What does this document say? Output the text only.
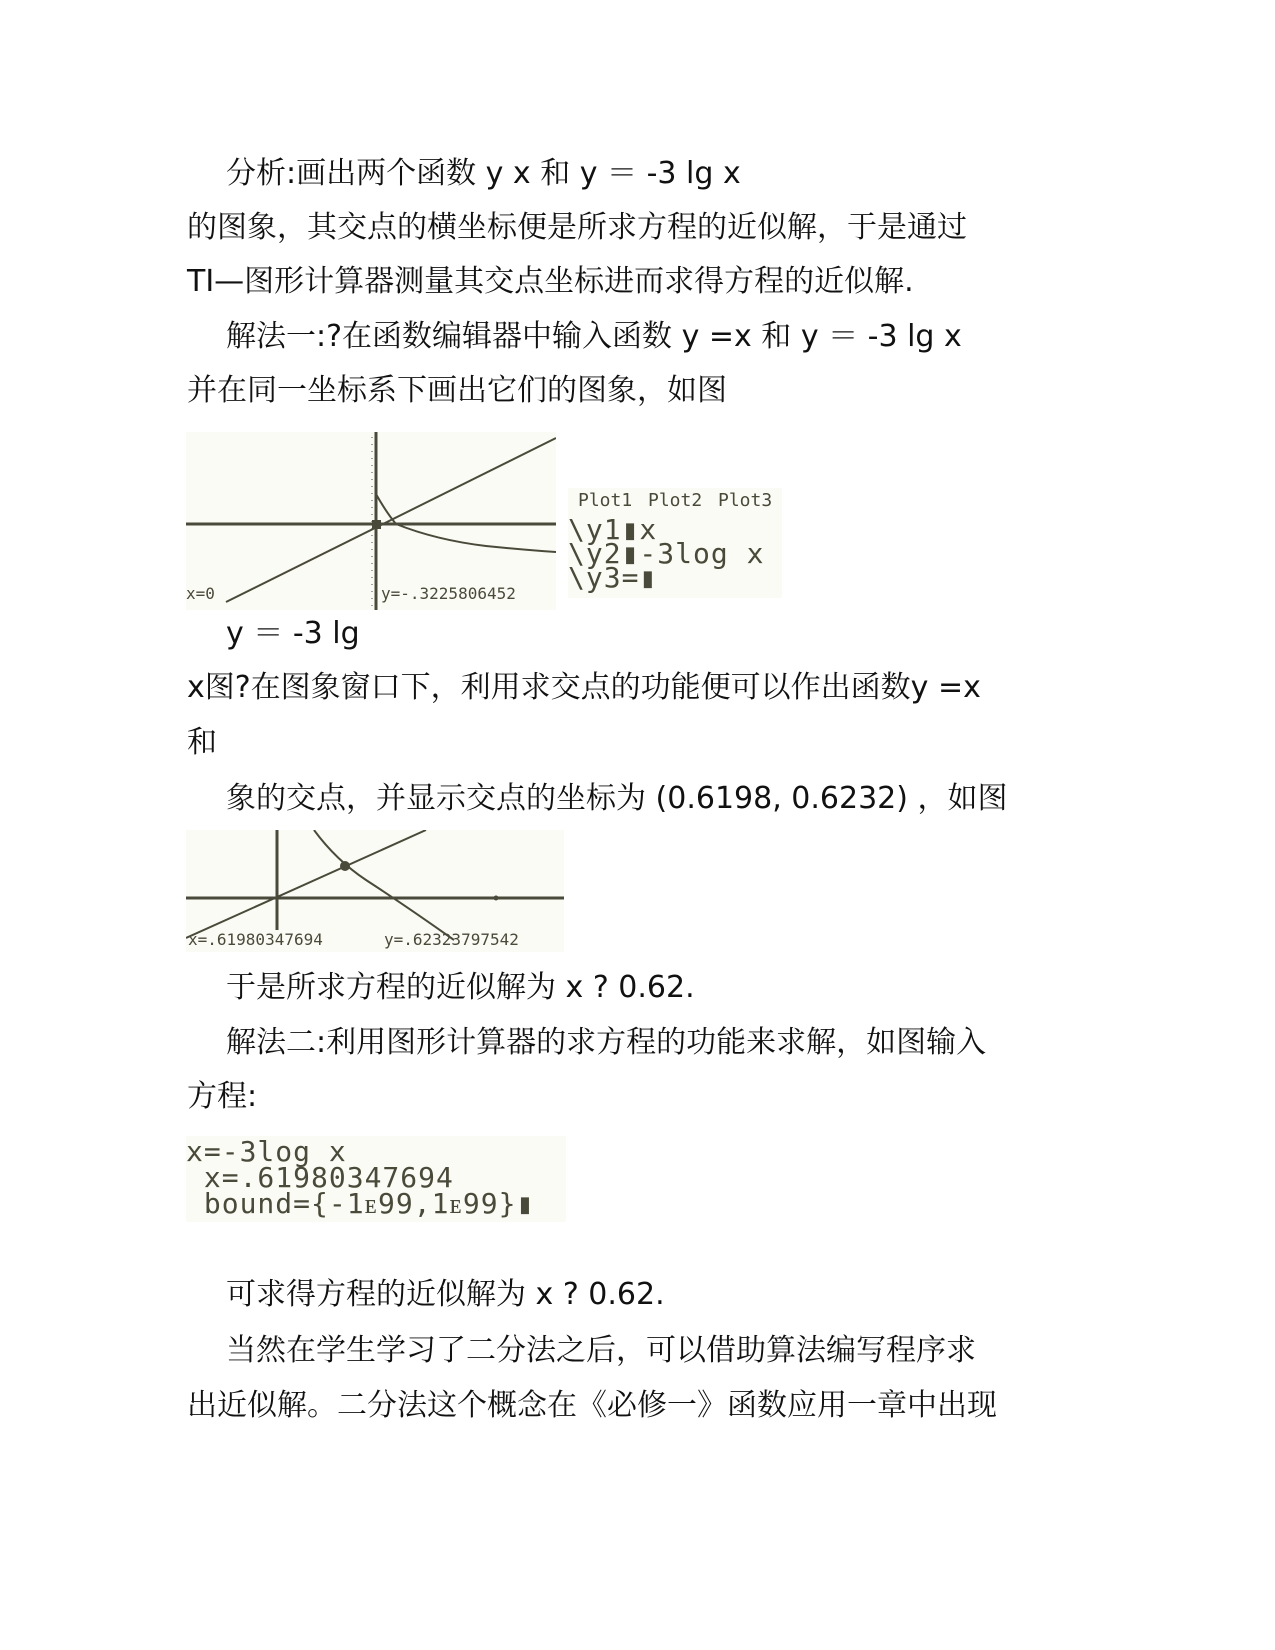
分析:画出两个函数 y x 和 y ＝ -3 lg x
的图象，其交点的横坐标便是所求方程的近似解，于是通过
TI—图形计算器测量其交点坐标进而求得方程的近似解.
解法一:?在函数编辑器中输入函数 y =x 和 y ＝ -3 lg x
并在同一坐标系下画出它们的图象，如图
x=0	y=-.3225806452
Plot1 Plot2 Plot3
\y1▮x
\y2▮-3log x
\y3=▮
y ＝ -3 lg
x图?在图象窗口下，利用求交点的功能便可以作出函数y =x
和
象的交点，并显示交点的坐标为 (0.6198, 0.6232) ，如图
x=.61980347694	y=.62323797542
于是所求方程的近似解为 x ? 0.62.
解法二:利用图形计算器的求方程的功能来求解，如图输入
方程:
x=-3log x
x=.61980347694
bound={-1ᴇ99,1ᴇ99}▮
可求得方程的近似解为 x ? 0.62.
当然在学生学习了二分法之后，可以借助算法编写程序求
出近似解。二分法这个概念在《必修一》函数应用一章中出现
